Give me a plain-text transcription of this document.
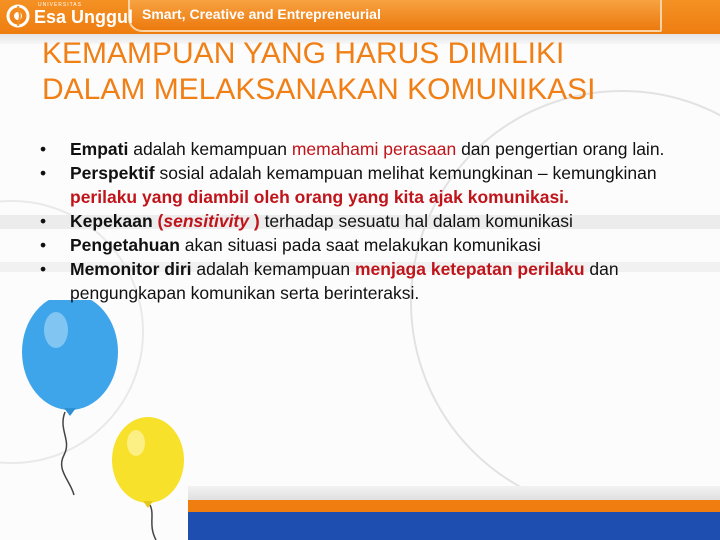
UNIVERSITAS
Esa Unggul Smart, Creative and Entrepreneurial
KEMAMPUAN YANG HARUS DIMILIKI
DALAM MELAKSANAKAN KOMUNIKASI
•	Empati adalah kemampuan memahami perasaan dan pengertian orang lain.
•	Perspektif sosial adalah kemampuan melihat kemungkinan – kemungkinan perilaku yang diambil oleh orang yang kita ajak komunikasi.
•	Kepekaan (sensitivity ) terhadap sesuatu hal dalam komunikasi
•	Pengetahuan akan situasi pada saat melakukan komunikasi
•	Memonitor diri adalah kemampuan menjaga ketepatan perilaku dan pengungkapan komunikan serta berinteraksi.
